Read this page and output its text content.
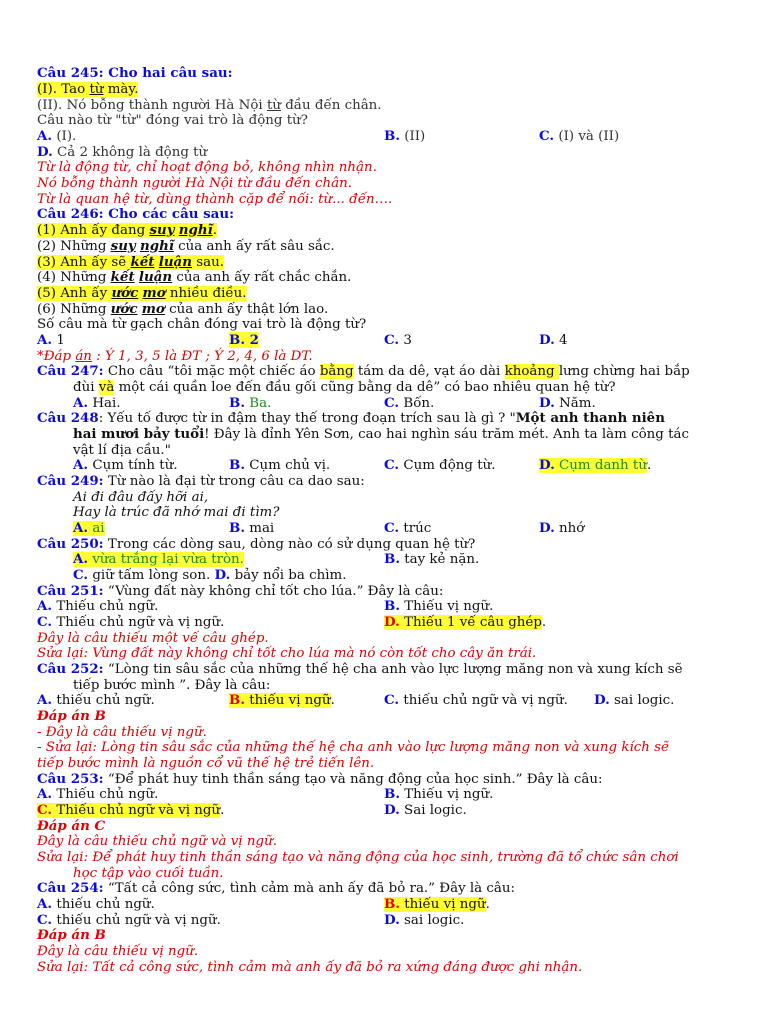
Câu 245: Cho hai câu sau:
(I). Tao từ mày.
(II). Nó bỗng thành người Hà Nội từ đầu đến chân.
Câu nào từ "từ" đóng vai trò là động từ?
A. (I).	B. (II)	C. (I) và (II)
D. Cả 2 không là động từ
Từ là động từ, chỉ hoạt động bỏ, không nhìn nhận.
Nó bỗng thành người Hà Nội từ đầu đến chân.
Từ là quan hệ từ, dùng thành cặp để nối: từ... đến….
Câu 246: Cho các câu sau:
(1) Anh ấy đang suy nghĩ.
(2) Những suy nghĩ của anh ấy rất sâu sắc.
(3) Anh ấy sẽ kết luận sau.
(4) Những kết luận của anh ấy rất chắc chắn.
(5) Anh ấy ước mơ nhiều điều.
(6) Những ước mơ của anh ấy thật lớn lao.
Số câu mà từ gạch chân đóng vai trò là động từ?
A. 1	B. 2	C. 3	D. 4
*Đáp án : Ý 1, 3, 5 là ĐT ; Ý 2, 4, 6 là DT.
Câu 247: Cho câu “tôi mặc một chiếc áo bằng tám da dê, vạt áo dài khoảng lưng chừng hai bắp
đùi và một cái quần loe đến đầu gối cũng bằng da dê” có bao nhiêu quan hệ từ?
A. Hai.	B. Ba.	C. Bốn.	D. Năm.
Câu 248: Yếu tố được từ in đậm thay thế trong đoạn trích sau là gì ? "Một anh thanh niên
hai mươi bảy tuổi! Đây là đỉnh Yên Sơn, cao hai nghìn sáu trăm mét. Anh ta làm công tác
vật lí địa cầu."
A. Cụm tính từ.	B. Cụm chủ vị.	C. Cụm động từ.	D. Cụm danh từ.
Câu 249: Từ nào là đại từ trong câu ca dao sau:
Ai đi đâu đấy hỡi ai,
Hay là trúc đã nhớ mai đi tìm?
A. ai	B. mai	C. trúc	D. nhớ
Câu 250: Trong các dòng sau, dòng nào có sử dụng quan hệ từ?
A. vừa trắng lại vừa tròn.	B. tay kẻ nặn.
C. giữ tấm lòng son. D. bảy nổi ba chìm.
Câu 251: “Vùng đất này không chỉ tốt cho lúa.” Đây là câu:
A. Thiếu chủ ngữ.	B. Thiếu vị ngữ.
C. Thiếu chủ ngữ và vị ngữ.	D. Thiếu 1 vế câu ghép.
Đây là câu thiếu một vế câu ghép.
Sửa lại: Vùng đất này không chỉ tốt cho lúa mà nó còn tốt cho cây ăn trái.
Câu 252: “Lòng tin sâu sắc của những thế hệ cha anh vào lực lượng măng non và xung kích sẽ
tiếp bước mình ”. Đây là câu:
A. thiếu chủ ngữ.	B. thiếu vị ngữ.	C. thiếu chủ ngữ và vị ngữ. D. sai logic.
Đáp án B
- Đây là câu thiếu vị ngữ.
- Sửa lại: Lòng tin sâu sắc của những thế hệ cha anh vào lực lượng măng non và xung kích sẽ
tiếp bước mình là nguồn cổ vũ thế hệ trẻ tiến lên.
Câu 253: “Để phát huy tinh thần sáng tạo và năng động của học sinh.” Đây là câu:
A. Thiếu chủ ngữ.	B. Thiếu vị ngữ.
C. Thiếu chủ ngữ và vị ngữ.	D. Sai logic.
Đáp án C
Đây là câu thiếu chủ ngữ và vị ngữ.
Sửa lại: Để phát huy tinh thần sáng tạo và năng động của học sinh, trường đã tổ chức sân chơi
học tập vào cuối tuần.
Câu 254: “Tất cả công sức, tình cảm mà anh ấy đã bỏ ra.” Đây là câu:
A. thiếu chủ ngữ.	B. thiếu vị ngữ.
C. thiếu chủ ngữ và vị ngữ.	D. sai logic.
Đáp án B
Đây là câu thiếu vị ngữ.
Sửa lại: Tất cả công sức, tình cảm mà anh ấy đã bỏ ra xứng đáng được ghi nhận.
